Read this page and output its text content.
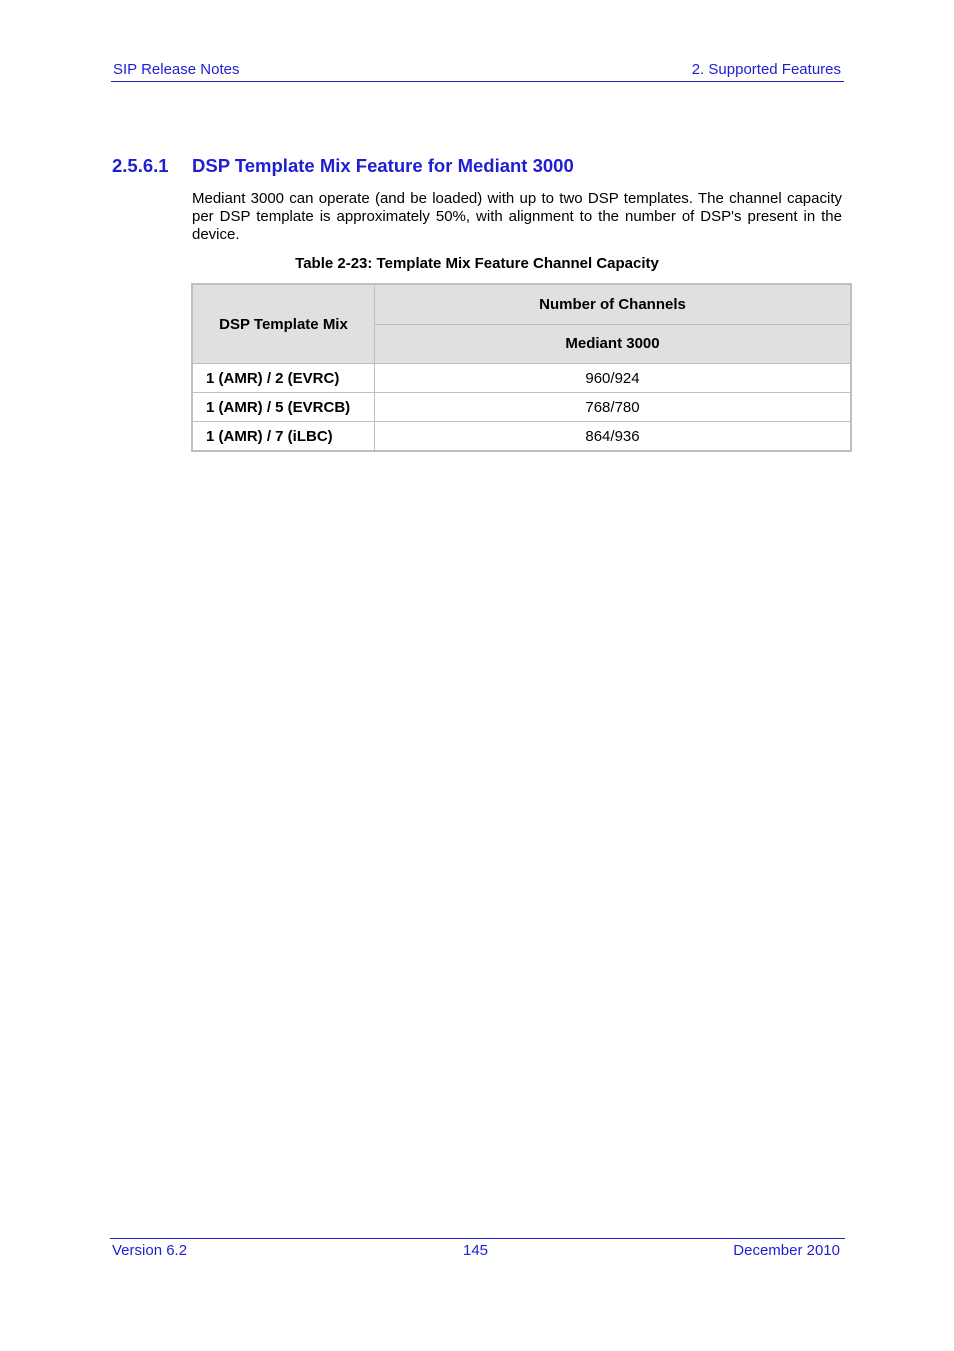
SIP Release Notes	2. Supported Features
2.5.6.1 DSP Template Mix Feature for Mediant 3000
Mediant 3000 can operate (and be loaded) with up to two DSP templates. The channel capacity per DSP template is approximately 50%, with alignment to the number of DSP's present in the device.
Table 2-23: Template Mix Feature Channel Capacity
DSP Template Mix	Number of Channels
	Mediant 3000
1 (AMR) / 2 (EVRC)	960/924
1 (AMR) / 5 (EVRCB)	768/780
1 (AMR) / 7 (iLBC)	864/936
Version 6.2	145	December 2010
